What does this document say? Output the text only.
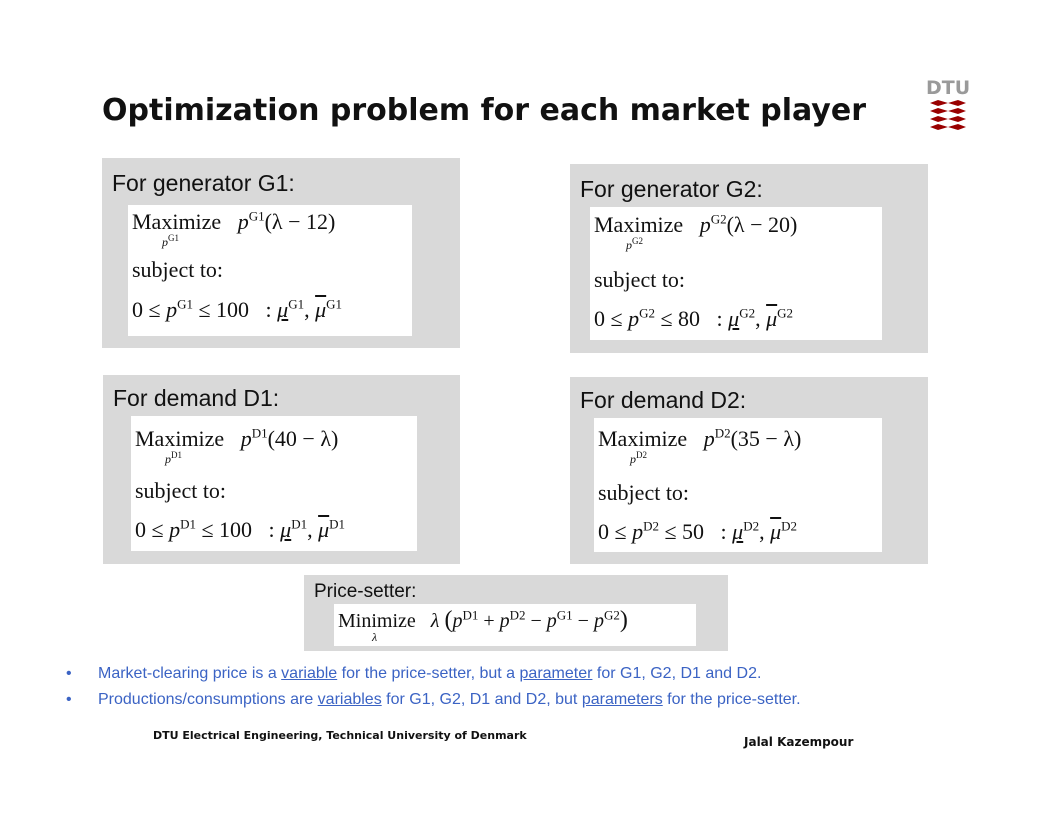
Optimization problem for each market player
DTU
For generator G1:
Maximize $p^{G1}(\lambda - 12)$
$p^{G1}$
subject to:
$0 \le p^{G1} \le 100$ : $\mu^{G1}$, $\overline{\mu}^{G1}$
For generator G2:
Maximize $p^{G2}(\lambda - 20)$
$p^{G2}$
subject to:
$0 \le p^{G2} \le 80$ : $\mu^{G2}$, $\overline{\mu}^{G2}$
For demand D1:
Maximize $p^{D1}(40 - \lambda)$
$p^{D1}$
subject to:
$0 \le p^{D1} \le 100$ : $\mu^{D1}$, $\overline{\mu}^{D1}$
For demand D2:
Maximize $p^{D2}(35 - \lambda)$
$p^{D2}$
subject to:
$0 \le p^{D2} \le 50$ : $\mu^{D2}$, $\overline{\mu}^{D2}$
Price-setter:
Minimize λ $(p^{D1} + p^{D2} - p^{G1} - p^{G2})$
λ
• Market-clearing price is a variable for the price-setter, but a parameter for G1, G2, D1 and D2.
• Productions/consumptions are variables for G1, G2, D1 and D2, but parameters for the price-setter.
DTU Electrical Engineering, Technical University of Denmark	Jalal Kazempour
